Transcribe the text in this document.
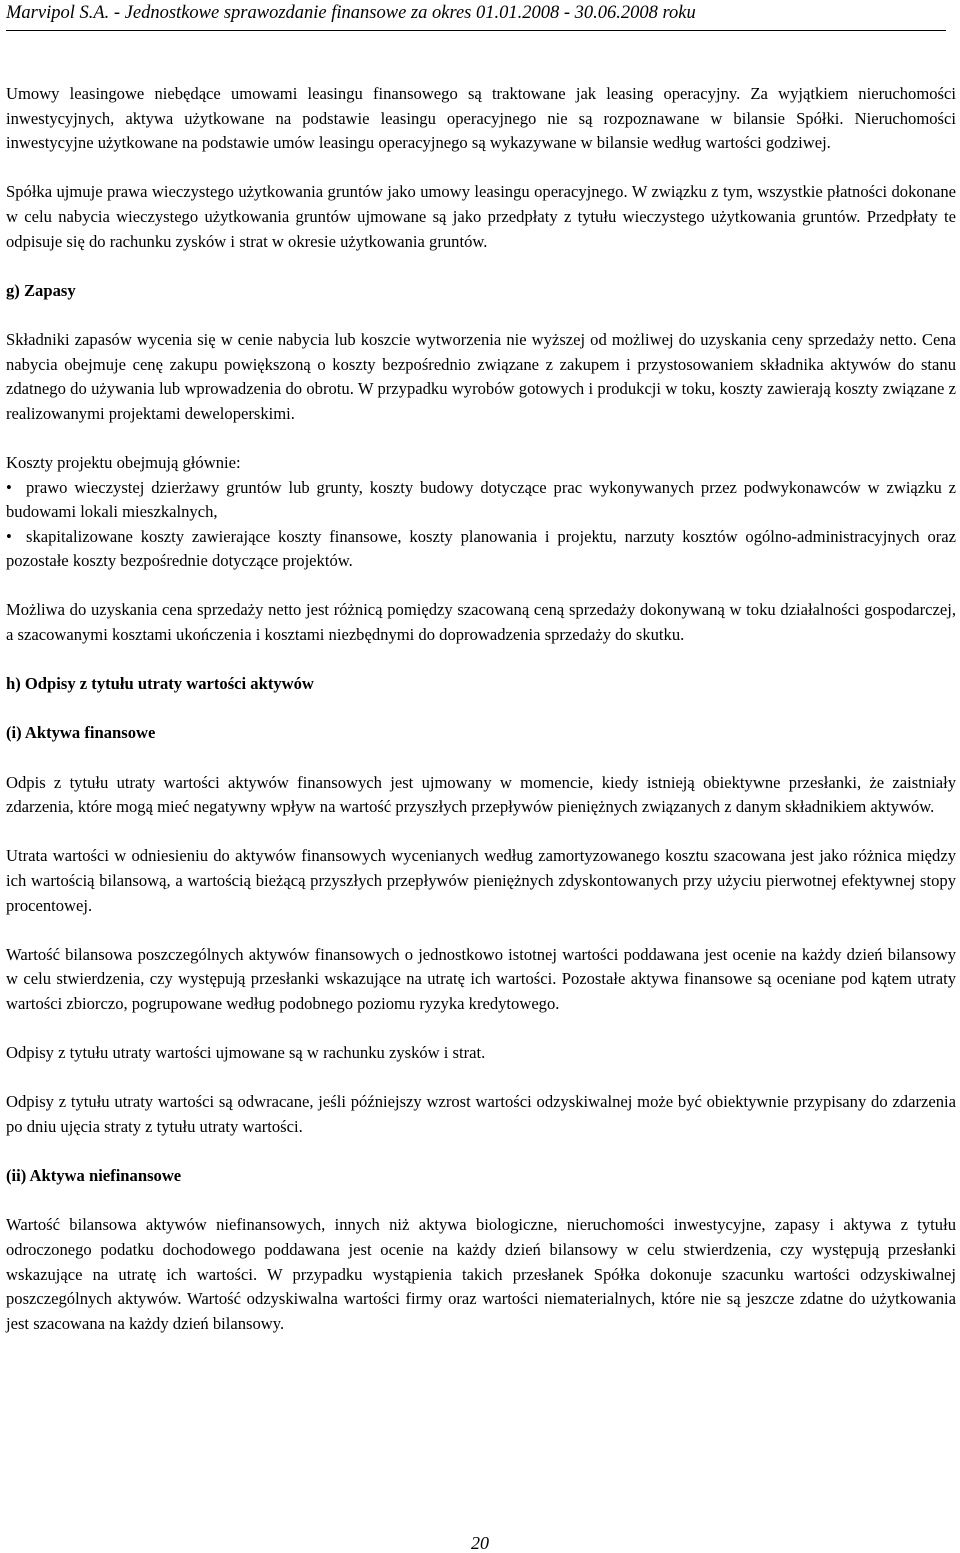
Marvipol S.A. - Jednostkowe sprawozdanie finansowe za okres 01.01.2008 - 30.06.2008 roku

Umowy leasingowe niebędące umowami leasingu finansowego są traktowane jak leasing operacyjny. Za wyjątkiem nieruchomości inwestycyjnych, aktywa użytkowane na podstawie leasingu operacyjnego nie są rozpoznawane w bilansie Spółki. Nieruchomości inwestycyjne użytkowane na podstawie umów leasingu operacyjnego są wykazywane w bilansie według wartości godziwej.

Spółka ujmuje prawa wieczystego użytkowania gruntów jako umowy leasingu operacyjnego. W związku z tym, wszystkie płatności dokonane w celu nabycia wieczystego użytkowania gruntów ujmowane są jako przedpłaty z tytułu wieczystego użytkowania gruntów. Przedpłaty te odpisuje się do rachunku zysków i strat w okresie użytkowania gruntów.

g) Zapasy

Składniki zapasów wycenia się w cenie nabycia lub koszcie wytworzenia nie wyższej od możliwej do uzyskania ceny sprzedaży netto. Cena nabycia obejmuje cenę zakupu powiększoną o koszty bezpośrednio związane z zakupem i przystosowaniem składnika aktywów do stanu zdatnego do używania lub wprowadzenia do obrotu. W przypadku wyrobów gotowych i produkcji w toku, koszty zawierają koszty związane z realizowanymi projektami deweloperskimi.

Koszty projektu obejmują głównie:
• prawo wieczystej dzierżawy gruntów lub grunty, koszty budowy dotyczące prac wykonywanych przez podwykonawców w związku z budowami lokali mieszkalnych,
• skapitalizowane koszty zawierające koszty finansowe, koszty planowania i projektu, narzuty kosztów ogólno-administracyjnych oraz pozostałe koszty bezpośrednie dotyczące projektów.

Możliwa do uzyskania cena sprzedaży netto jest różnicą pomiędzy szacowaną ceną sprzedaży dokonywaną w toku działalności gospodarczej, a szacowanymi kosztami ukończenia i kosztami niezbędnymi do doprowadzenia sprzedaży do skutku.

h) Odpisy z tytułu utraty wartości aktywów

(i) Aktywa finansowe

Odpis z tytułu utraty wartości aktywów finansowych jest ujmowany w momencie, kiedy istnieją obiektywne przesłanki, że zaistniały zdarzenia, które mogą mieć negatywny wpływ na wartość przyszłych przepływów pieniężnych związanych z danym składnikiem aktywów.

Utrata wartości w odniesieniu do aktywów finansowych wycenianych według zamortyzowanego kosztu szacowana jest jako różnica między ich wartością bilansową, a wartością bieżącą przyszłych przepływów pieniężnych zdyskontowanych przy użyciu pierwotnej efektywnej stopy procentowej.

Wartość bilansowa poszczególnych aktywów finansowych o jednostkowo istotnej wartości poddawana jest ocenie na każdy dzień bilansowy w celu stwierdzenia, czy występują przesłanki wskazujące na utratę ich wartości. Pozostałe aktywa finansowe są oceniane pod kątem utraty wartości zbiorczo, pogrupowane według podobnego poziomu ryzyka kredytowego.

Odpisy z tytułu utraty wartości ujmowane są w rachunku zysków i strat.

Odpisy z tytułu utraty wartości są odwracane, jeśli późniejszy wzrost wartości odzyskiwalnej może być obiektywnie przypisany do zdarzenia po dniu ujęcia straty z tytułu utraty wartości.

(ii) Aktywa niefinansowe

Wartość bilansowa aktywów niefinansowych, innych niż aktywa biologiczne, nieruchomości inwestycyjne, zapasy i aktywa z tytułu odroczonego podatku dochodowego poddawana jest ocenie na każdy dzień bilansowy w celu stwierdzenia, czy występują przesłanki wskazujące na utratę ich wartości. W przypadku wystąpienia takich przesłanek Spółka dokonuje szacunku wartości odzyskiwalnej poszczególnych aktywów. Wartość odzyskiwalna wartości firmy oraz wartości niematerialnych, które nie są jeszcze zdatne do użytkowania jest szacowana na każdy dzień bilansowy.

20
